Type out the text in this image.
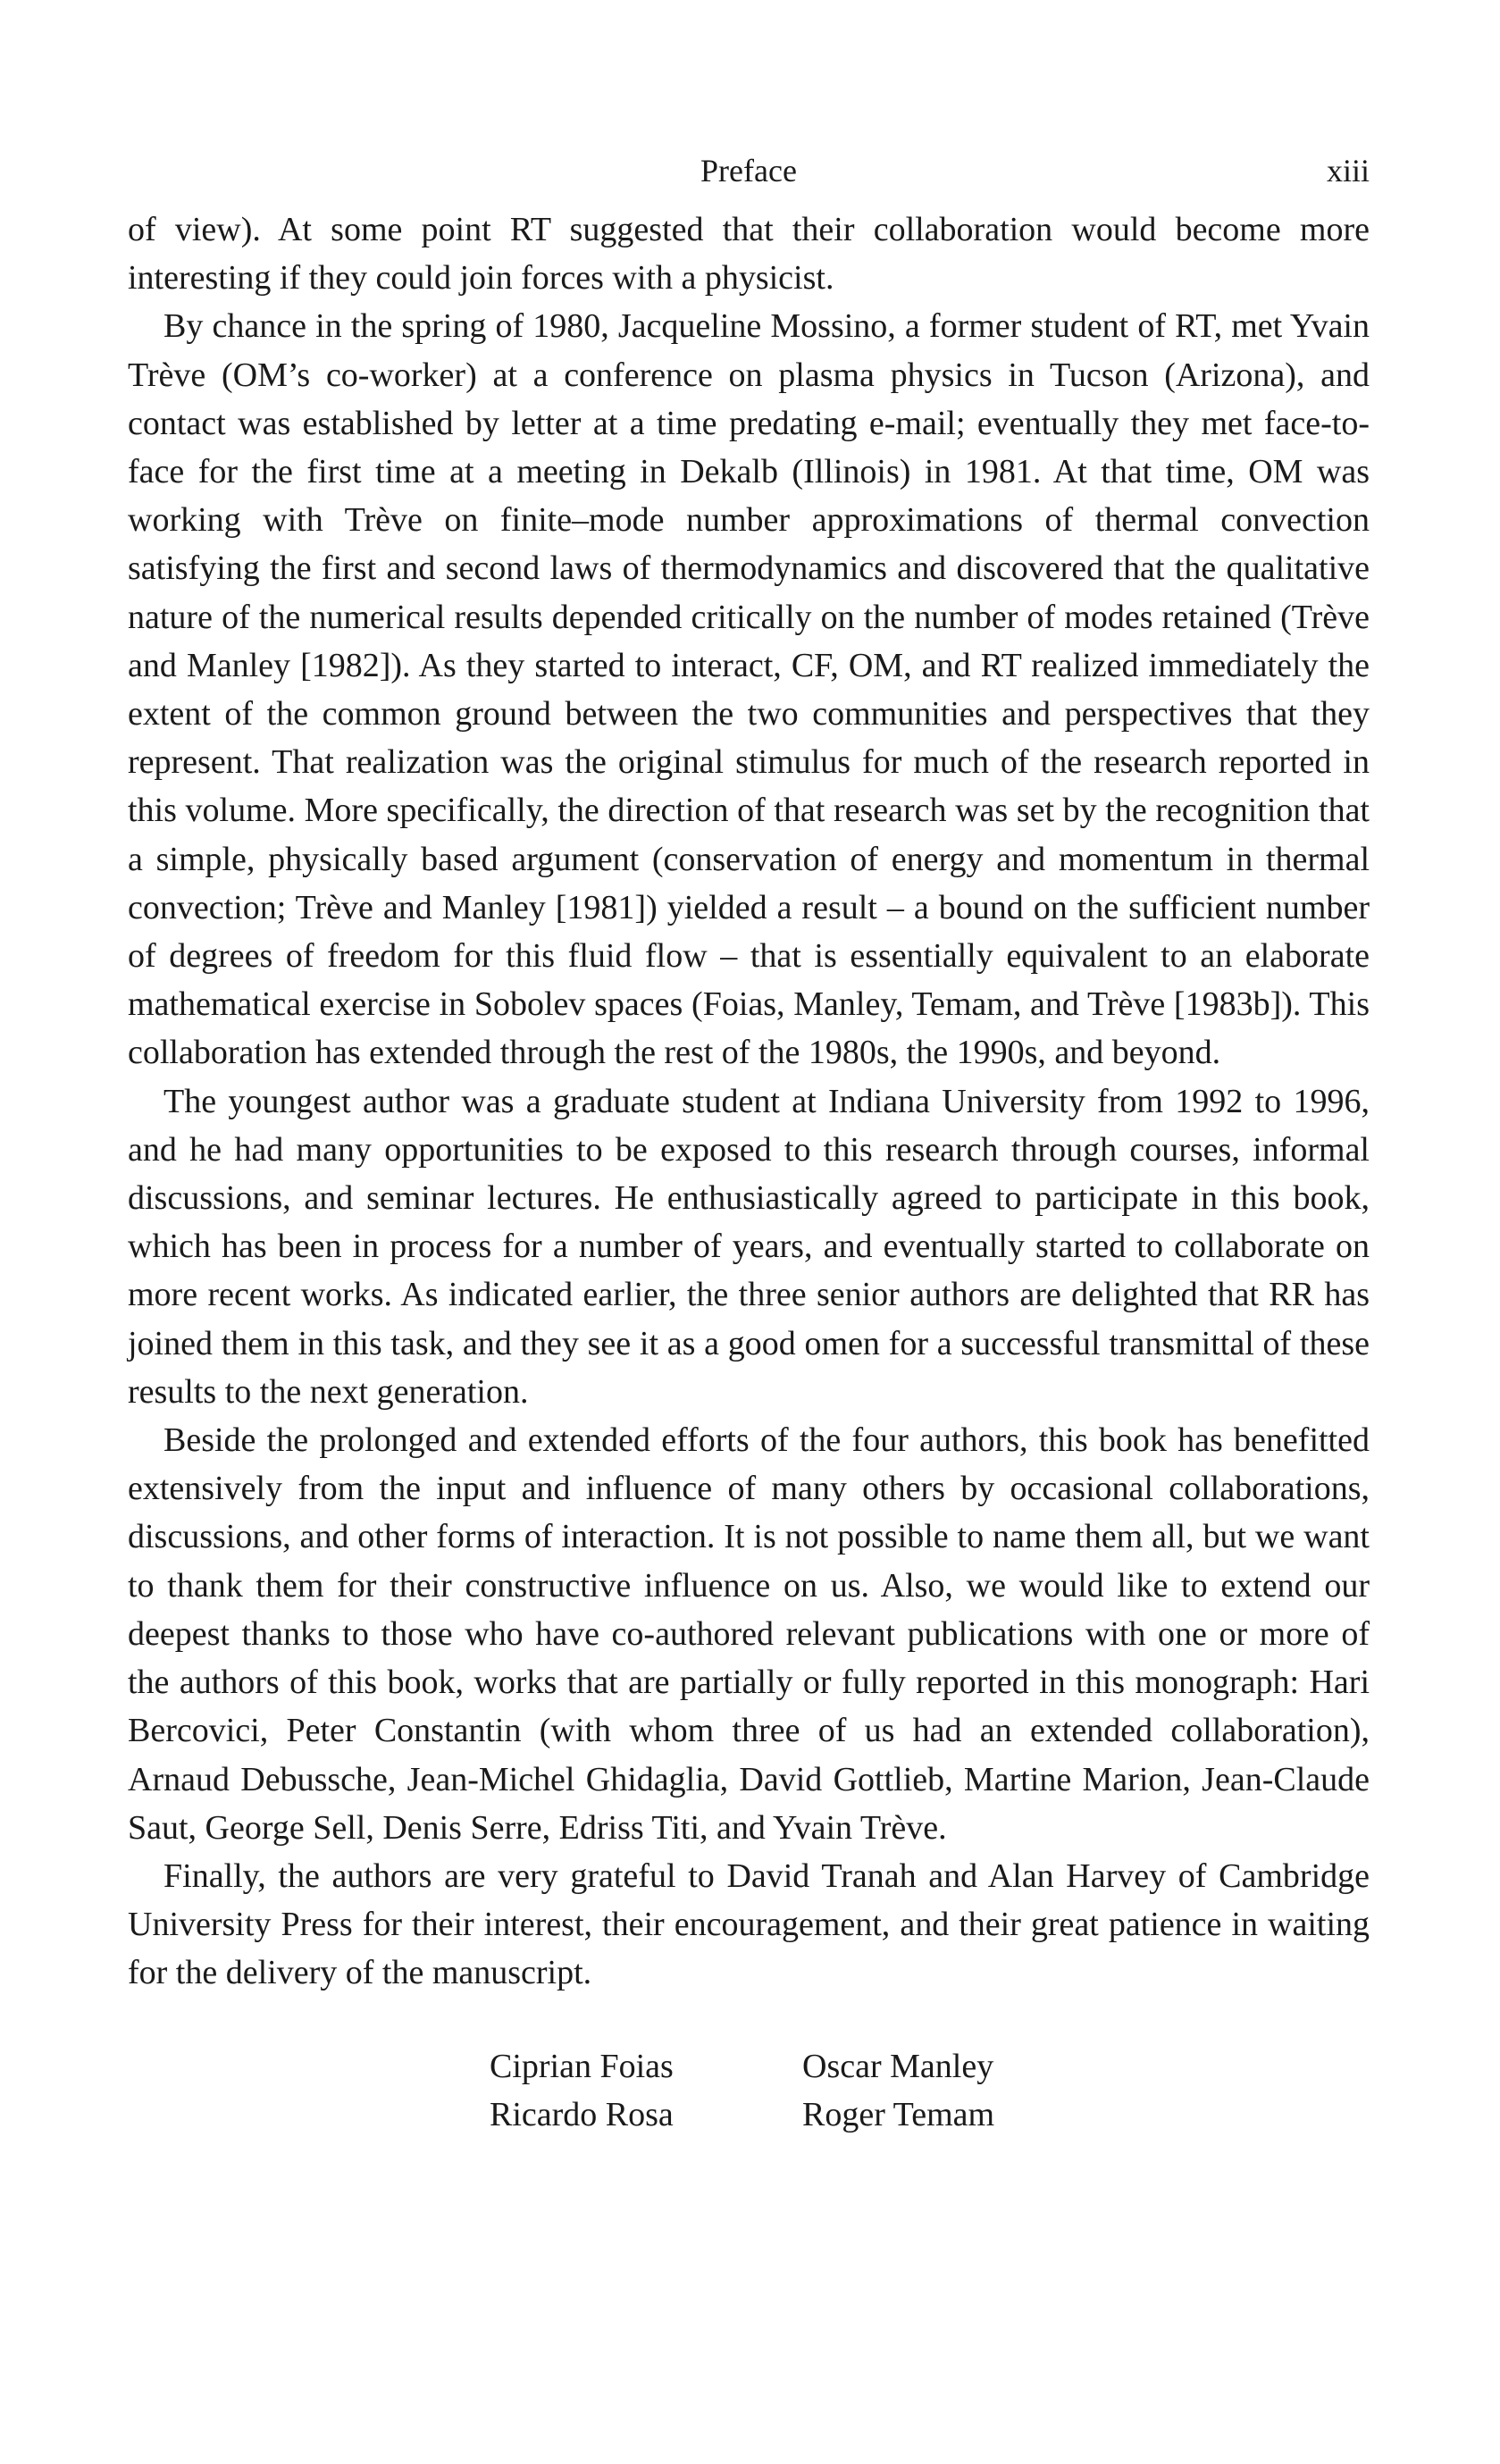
Preface	xiii

of view). At some point RT suggested that their collaboration would become more interesting if they could join forces with a physicist.

By chance in the spring of 1980, Jacqueline Mossino, a former student of RT, met Yvain Trève (OM’s co-worker) at a conference on plasma physics in Tucson (Arizona), and contact was established by letter at a time predating e-mail; eventually they met face-to-face for the first time at a meeting in Dekalb (Illinois) in 1981. At that time, OM was working with Trève on finite–mode number approximations of thermal convection satisfying the first and second laws of thermodynamics and discovered that the qualitative nature of the numerical results depended critically on the number of modes retained (Trève and Manley [1982]). As they started to interact, CF, OM, and RT realized immediately the extent of the common ground between the two communities and perspectives that they represent. That realization was the original stimulus for much of the research reported in this volume. More specifically, the direction of that research was set by the recognition that a simple, physically based argument (conservation of energy and momentum in thermal convection; Trève and Manley [1981]) yielded a result – a bound on the sufficient number of degrees of freedom for this fluid flow – that is essentially equivalent to an elaborate mathematical exercise in Sobolev spaces (Foias, Manley, Temam, and Trève [1983b]). This collaboration has extended through the rest of the 1980s, the 1990s, and beyond.

The youngest author was a graduate student at Indiana University from 1992 to 1996, and he had many opportunities to be exposed to this research through courses, informal discussions, and seminar lectures. He enthusiastically agreed to participate in this book, which has been in process for a number of years, and eventually started to collaborate on more recent works. As indicated earlier, the three senior authors are delighted that RR has joined them in this task, and they see it as a good omen for a successful transmittal of these results to the next generation.

Beside the prolonged and extended efforts of the four authors, this book has benefitted extensively from the input and influence of many others by occasional collaborations, discussions, and other forms of interaction. It is not possible to name them all, but we want to thank them for their constructive influence on us. Also, we would like to extend our deepest thanks to those who have co-authored relevant publications with one or more of the authors of this book, works that are partially or fully reported in this monograph: Hari Bercovici, Peter Constantin (with whom three of us had an extended collaboration), Arnaud Debussche, Jean-Michel Ghidaglia, David Gottlieb, Martine Marion, Jean-Claude Saut, George Sell, Denis Serre, Edriss Titi, and Yvain Trève.

Finally, the authors are very grateful to David Tranah and Alan Harvey of Cambridge University Press for their interest, their encouragement, and their great patience in waiting for the delivery of the manuscript.

Ciprian Foias	Oscar Manley
Ricardo Rosa	Roger Temam
